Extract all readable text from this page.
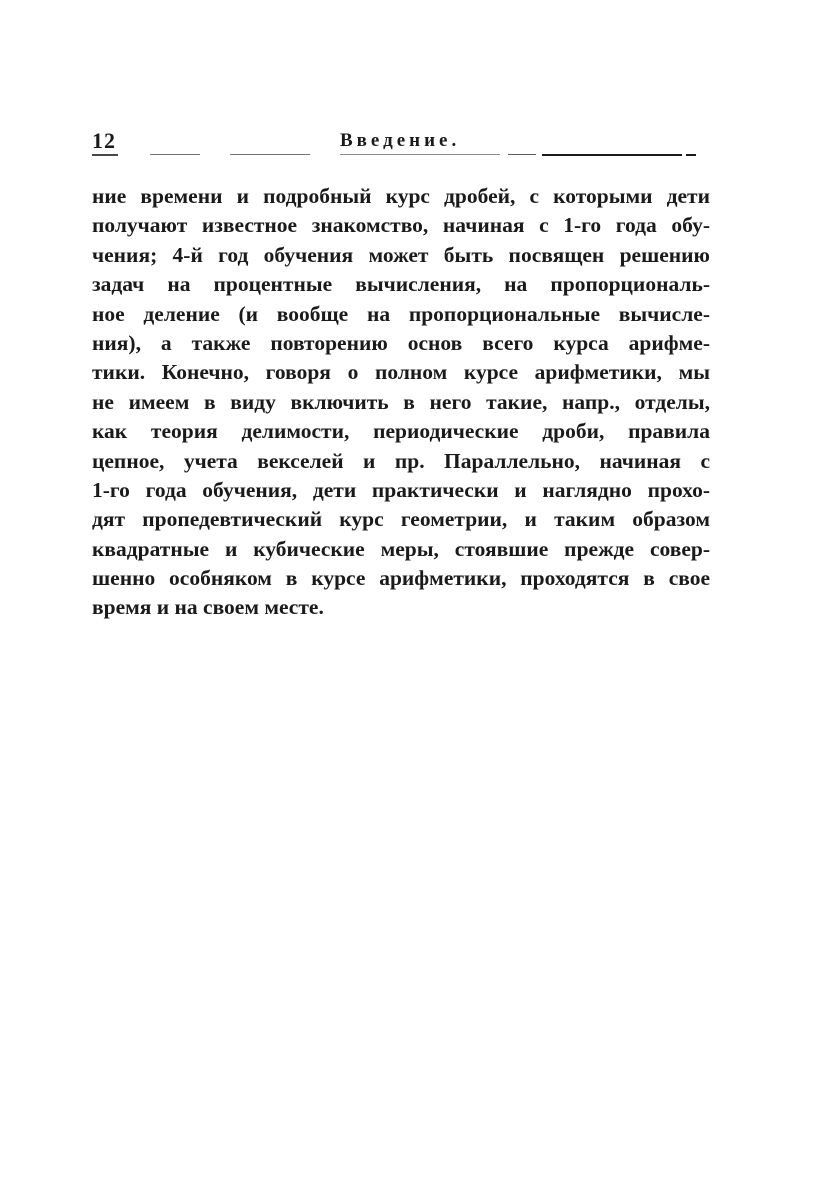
12	Введение.
ние времени и подробный курс дробей, с которыми дети
получают известное знакомство, начиная с 1-го года обу-
чения; 4-й год обучения может быть посвящен решению
задач на процентные вычисления, на пропорциональ-
ное деление (и вообще на пропорциональные вычисле-
ния), а также повторению основ всего курса арифме-
тики. Конечно, говоря о полном курсе арифметики, мы
не имеем в виду включить в него такие, напр., отделы,
как теория делимости, периодические дроби, правила
цепное, учета векселей и пр. Параллельно, начиная с
1-го года обучения, дети практически и наглядно прохо-
дят пропедевтический курс геометрии, и таким образом
квадратные и кубические меры, стоявшие прежде совер-
шенно особняком в курсе арифметики, проходятся в свое
время и на своем месте.
